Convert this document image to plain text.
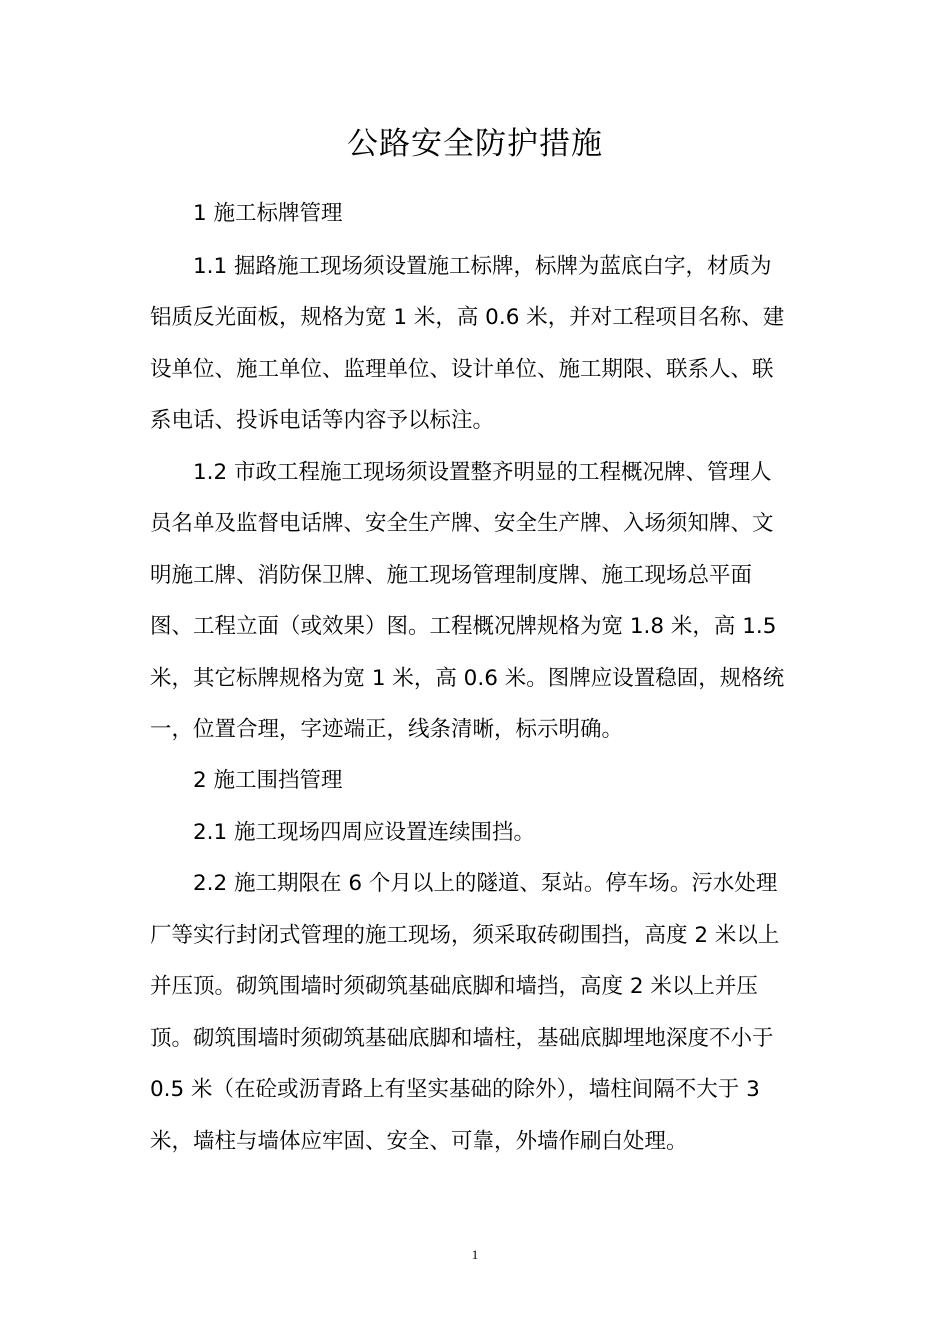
公路安全防护措施

1 施工标牌管理

1.1 掘路施工现场须设置施工标牌，标牌为蓝底白字，材质为

铝质反光面板，规格为宽 1 米，高 0.6 米，并对工程项目名称、建

设单位、施工单位、监理单位、设计单位、施工期限、联系人、联

系电话、投诉电话等内容予以标注。

1.2 市政工程施工现场须设置整齐明显的工程概况牌、管理人

员名单及监督电话牌、安全生产牌、安全生产牌、入场须知牌、文

明施工牌、消防保卫牌、施工现场管理制度牌、施工现场总平面

图、工程立面（或效果）图。工程概况牌规格为宽 1.8 米，高 1.5

米，其它标牌规格为宽 1 米，高 0.6 米。图牌应设置稳固，规格统

一，位置合理，字迹端正，线条清晰，标示明确。

2 施工围挡管理

2.1 施工现场四周应设置连续围挡。

2.2 施工期限在 6 个月以上的隧道、泵站。停车场。污水处理

厂等实行封闭式管理的施工现场，须采取砖砌围挡，高度 2 米以上

并压顶。砌筑围墙时须砌筑基础底脚和墙挡，高度 2 米以上并压

顶。砌筑围墙时须砌筑基础底脚和墙柱，基础底脚埋地深度不小于

0.5 米（在砼或沥青路上有坚实基础的除外），墙柱间隔不大于 3

米，墙柱与墙体应牢固、安全、可靠，外墙作刷白处理。

1
